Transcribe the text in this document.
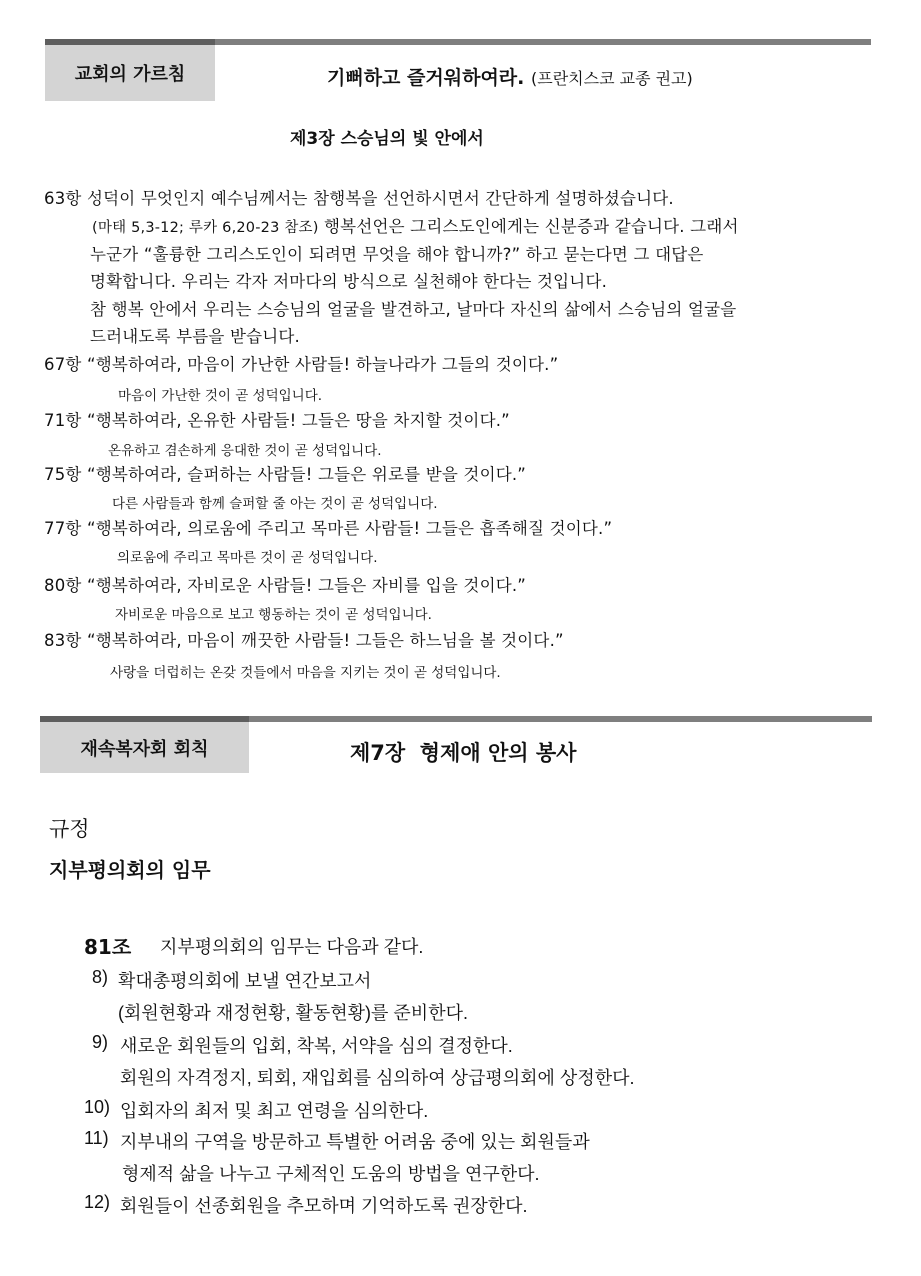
교회의 가르침	기뻐하고 즐거워하여라. (프란치스코 교종 권고)
제3장 스승님의 빛 안에서
63항 성덕이 무엇인지 예수님께서는 참행복을 선언하시면서 간단하게 설명하셨습니다.
(마태 5,3-12; 루카 6,20-23 참조) 행복선언은 그리스도인에게는 신분증과 같습니다. 그래서
누군가 “훌륭한 그리스도인이 되려면 무엇을 해야 합니까?” 하고 묻는다면 그 대답은
명확합니다. 우리는 각자 저마다의 방식으로 실천해야 한다는 것입니다.
참 행복 안에서 우리는 스승님의 얼굴을 발견하고, 날마다 자신의 삶에서 스승님의 얼굴을
드러내도록 부름을 받습니다.
67항 “행복하여라, 마음이 가난한 사람들! 하늘나라가 그들의 것이다.”
마음이 가난한 것이 곧 성덕입니다.
71항 “행복하여라, 온유한 사람들! 그들은 땅을 차지할 것이다.”
온유하고 겸손하게 응대한 것이 곧 성덕입니다.
75항 “행복하여라, 슬퍼하는 사람들! 그들은 위로를 받을 것이다.”
다른 사람들과 함께 슬퍼할 줄 아는 것이 곧 성덕입니다.
77항 “행복하여라, 의로움에 주리고 목마른 사람들! 그들은 흡족해질 것이다.”
의로움에 주리고 목마른 것이 곧 성덕입니다.
80항 “행복하여라, 자비로운 사람들! 그들은 자비를 입을 것이다.”
자비로운 마음으로 보고 행동하는 것이 곧 성덕입니다.
83항 “행복하여라, 마음이 깨끗한 사람들! 그들은 하느님을 볼 것이다.”
사랑을 더럽히는 온갖 것들에서 마음을 지키는 것이 곧 성덕입니다.
재속복자회 회칙	제7장  형제애 안의 봉사
규정
지부평의회의 임무
81조 지부평의회의 임무는 다음과 같다.
8) 확대총평의회에 보낼 연간보고서
(회원현황과 재정현황, 활동현황)를 준비한다.
9) 새로운 회원들의 입회, 착복, 서약을 심의 결정한다.
회원의 자격정지, 퇴회, 재입회를 심의하여 상급평의회에 상정한다.
10) 입회자의 최저 및 최고 연령을 심의한다.
11) 지부내의 구역을 방문하고 특별한 어려움 중에 있는 회원들과
형제적 삶을 나누고 구체적인 도움의 방법을 연구한다.
12) 회원들이 선종회원을 추모하며 기억하도록 권장한다.
